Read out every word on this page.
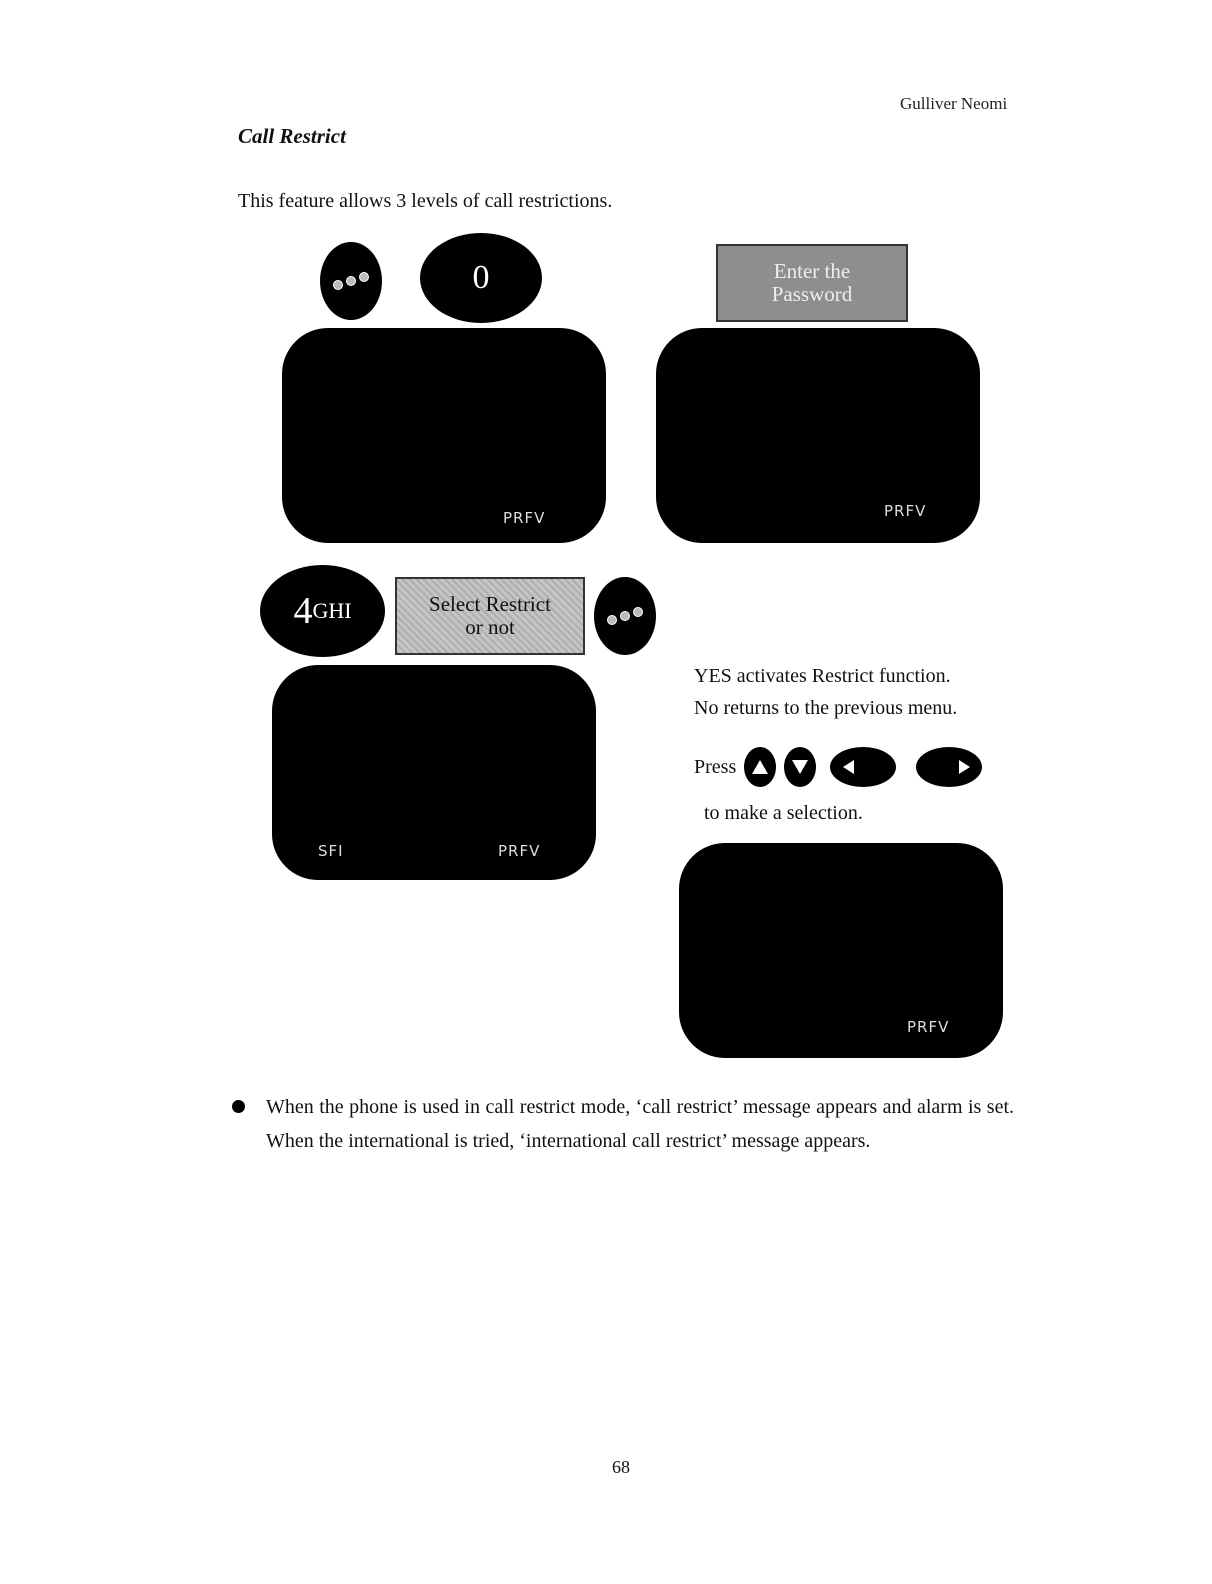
Gulliver Neomi
Call Restrict
This feature allows 3 levels of call restrictions.
0
PRFV
Enter the
Password
PRFV
4 GHI	Select Restrict
or not
SFI	PRFV
YES activates Restrict function.
No returns to the previous menu.
Press
to make a selection.
PRFV
When the phone is used in call restrict mode, ‘call restrict’ message appears and alarm is set. When the international is tried, ‘international call restrict’ message appears.
68
